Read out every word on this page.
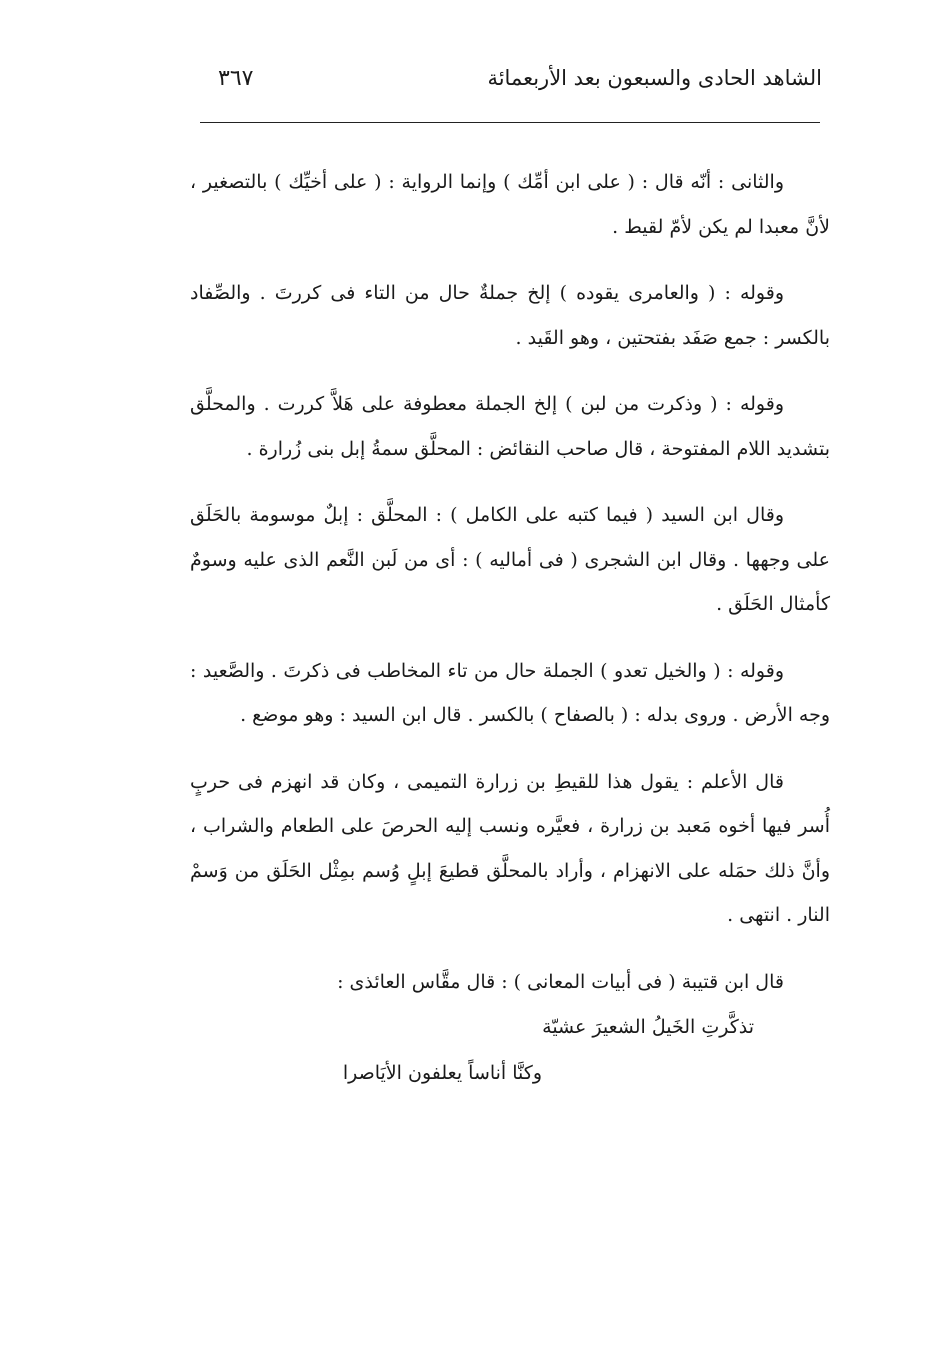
الشاهد الحادى والسبعون بعد الأربعمائة
٣٦٧

والثانى : أنّه قال : ( على ابن أمِّك ) وإنما الرواية : ( على أخيِّك ) بالتصغير ، لأنَّ معبدا لم يكن لأمّ لقيط .

وقوله : ( والعامرى يقوده ) إلخ جملةٌ حال من التاء فى كررتَ . والصِّفاد بالكسر : جمع صَفَد بفتحتين ، وهو القَيد .

وقوله : ( وذكرت من لبن ) إلخ الجملة معطوفة على هَلاَّ كررت . والمحلَّق بتشديد اللام المفتوحة ، قال صاحب النقائض : المحلَّق سمةُ إبل بنى زُرارة .

وقال ابن السيد ( فيما كتبه على الكامل ) : المحلَّق : إبلٌ موسومة بالحَلَق على وجهها . وقال ابن الشجرى ( فى أماليه ) : أى من لَبن النَّعم الذى عليه وسومٌ كأمثال الحَلَق .

وقوله : ( والخيل تعدو ) الجملة حال من تاء المخاطب فى ذكرتَ . والصَّعيد : وجه الأرض . وروى بدله : ( بالصفاح ) بالكسر . قال ابن السيد : وهو موضع .

قال الأعلم : يقول هذا للقيطِ بن زرارة التميمى ، وكان قد انهزم فى حربٍ أُسر فيها أخوه مَعبد بن زرارة ، فعيَّره ونسب إليه الحرصَ على الطعام والشراب ، وأنَّ ذلك حمَله على الانهزام ، وأراد بالمحلَّق قطيعَ إبلٍ وُسم بمِثْل الحَلَق من وَسمْ النار . انتهى .

قال ابن قتيبة ( فى أبيات المعانى ) : قال مقَّاس العائذى :

تذكَّرتِ الخَيلُ الشعيرَ عشيّة
وكنَّا أناساً يعلفون الأيَاصرا
